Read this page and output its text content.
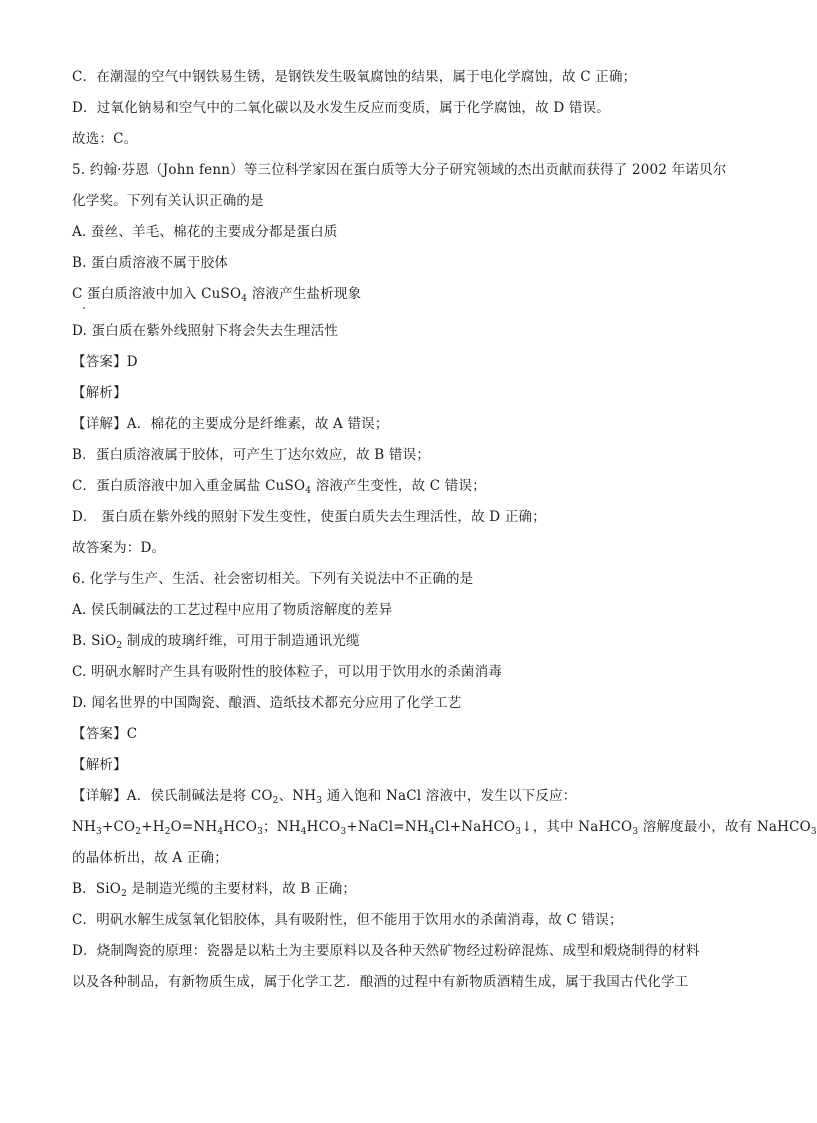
C．在潮湿的空气中钢铁易生锈，是钢铁发生吸氧腐蚀的结果，属于电化学腐蚀，故 C 正确；
D．过氧化钠易和空气中的二氧化碳以及水发生反应而变质，属于化学腐蚀，故 D 错误。
故选：C。
5. 约翰·芬恩（John fenn）等三位科学家因在蛋白质等大分子研究领域的杰出贡献而获得了 2002 年诺贝尔
化学奖。下列有关认识正确的是
A. 蚕丝、羊毛、棉花的主要成分都是蛋白质
B. 蛋白质溶液不属于胶体
C 蛋白质溶液中加入 CuSO$_4$ 溶液产生盐析现象
D. 蛋白质在紫外线照射下将会失去生理活性
【答案】D
【解析】
【详解】A．棉花的主要成分是纤维素，故 A 错误；
B．蛋白质溶液属于胶体，可产生丁达尔效应，故 B 错误；
C．蛋白质溶液中加入重金属盐 CuSO$_4$ 溶液产生变性，故 C 错误；
D． 蛋白质在紫外线的照射下发生变性，使蛋白质失去生理活性，故 D 正确；
故答案为：D。
6. 化学与生产、生活、社会密切相关。下列有关说法中不正确的是
A. 侯氏制碱法的工艺过程中应用了物质溶解度的差异
B. SiO$_2$ 制成的玻璃纤维，可用于制造通讯光缆
C. 明矾水解时产生具有吸附性的胶体粒子，可以用于饮用水的杀菌消毒
D. 闻名世界的中国陶瓷、酿酒、造纸技术都充分应用了化学工艺
【答案】C
【解析】
【详解】A．侯氏制碱法是将 $CO_2$、$NH_3$ 通入饱和 NaCl 溶液中，发生以下反应：
$NH_3+CO_2+H_2O=NH_4HCO_3$；$NH_4HCO_3+NaCl=NH_4Cl+NaHCO_3↓$，其中 NaHCO$_3$ 溶解度最小，故有 NaHCO$_3$
的晶体析出，故 A 正确；
B．SiO$_2$ 是制造光缆的主要材料，故 B 正确；
C．明矾水解生成氢氧化铝胶体，具有吸附性，但不能用于饮用水的杀菌消毒，故 C 错误；
D．烧制陶瓷的原理：瓷器是以粘土为主要原料以及各种天然矿物经过粉碎混炼、成型和煅烧制得的材料
以及各种制品，有新物质生成，属于化学工艺．酿酒的过程中有新物质酒精生成，属于我国古代化学工
